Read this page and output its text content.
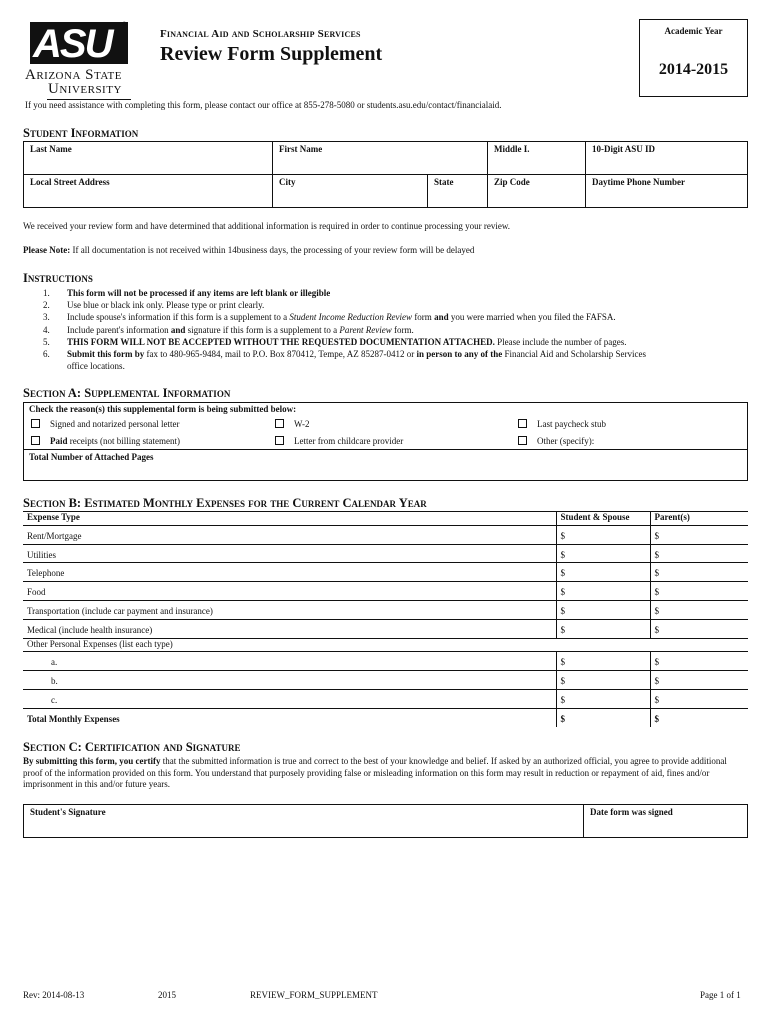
ASU ®
Arizona State
University
Financial Aid and Scholarship Services
Review Form Supplement
Academic Year
2014-2015
If you need assistance with completing this form, please contact our office at 855-278-5080 or students.asu.edu/contact/financialaid.
Student Information
Last Name	First Name		Middle I.	10-Digit ASU ID
Local Street Address	City	State	Zip Code	Daytime Phone Number
We received your review form and have determined that additional information is required in order to continue processing your review.
Please Note: If all documentation is not received within 14business days, the processing of your review form will be delayed
Instructions
1. This form will not be processed if any items are left blank or illegible
2. Use blue or black ink only. Please type or print clearly.
3. Include spouse's information if this form is a supplement to a Student Income Reduction Review form and you were married when you filed the FAFSA.
4. Include parent's information and signature if this form is a supplement to a Parent Review form.
5. THIS FORM WILL NOT BE ACCEPTED WITHOUT THE REQUESTED DOCUMENTATION ATTACHED. Please include the number of pages.
6. Submit this form by fax to 480-965-9484, mail to P.O. Box 870412, Tempe, AZ 85287-0412 or in person to any of the Financial Aid and Scholarship Services
office locations.
Section A: Supplemental Information
Check the reason(s) this supplemental form is being submitted below:
Signed and notarized personal letter	W-2	Last paycheck stub
Paid receipts (not billing statement)	Letter from childcare provider	Other (specify):
Total Number of Attached Pages
Section B: Estimated Monthly Expenses for the Current Calendar Year
Expense Type	Student & Spouse	Parent(s)
Rent/Mortgage	$	$
Utilities	$	$
Telephone	$	$
Food	$	$
Transportation (include car payment and insurance)	$	$
Medical (include health insurance)	$	$
Other Personal Expenses (list each type)		
a.	$	$
b.	$	$
c.	$	$
Total Monthly Expenses	$	$
Section C: Certification and Signature
By submitting this form, you certify that the submitted information is true and correct to the best of your knowledge and belief. If asked by an authorized official, you agree to provide additional proof of the information provided on this form. You understand that purposely providing false or misleading information on this form may result in reduction or repayment of aid, fines and/or imprisonment in this and/or future years.
Student's Signature	Date form was signed
Rev: 2014-08-13	2015	REVIEW_FORM_SUPPLEMENT	Page 1 of 1
